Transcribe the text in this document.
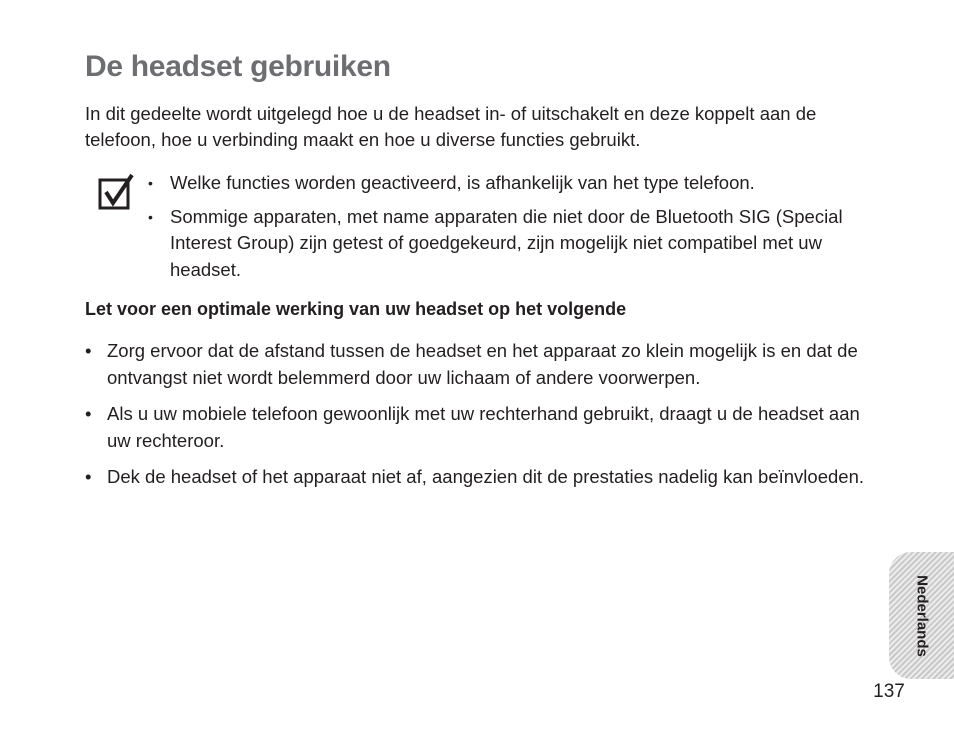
De headset gebruiken

In dit gedeelte wordt uitgelegd hoe u de headset in- of uitschakelt en deze koppelt aan de telefoon, hoe u verbinding maakt en hoe u diverse functies gebruikt.

• Welke functies worden geactiveerd, is afhankelijk van het type telefoon.
• Sommige apparaten, met name apparaten die niet door de Bluetooth SIG (Special Interest Group) zijn getest of goedgekeurd, zijn mogelijk niet compatibel met uw headset.
Let voor een optimale werking van uw headset op het volgende
• Zorg ervoor dat de afstand tussen de headset en het apparaat zo klein mogelijk is en dat de ontvangst niet wordt belemmerd door uw lichaam of andere voorwerpen.
• Als u uw mobiele telefoon gewoonlijk met uw rechterhand gebruikt, draagt u de headset aan uw rechteroor.
• Dek de headset of het apparaat niet af, aangezien dit de prestaties nadelig kan beïnvloeden.
Nederlands
137
